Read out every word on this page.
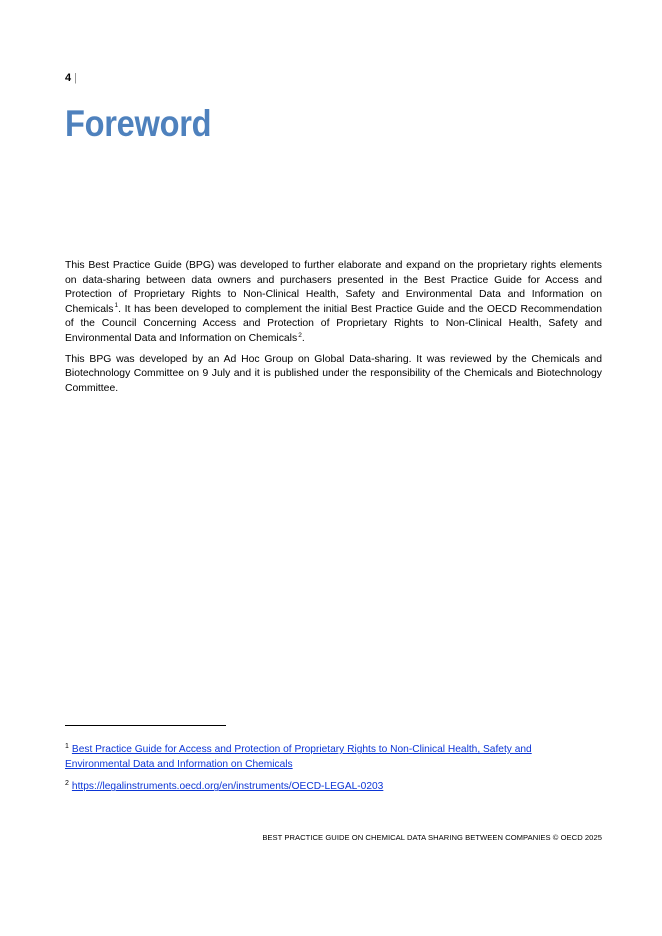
4 |
Foreword

This Best Practice Guide (BPG) was developed to further elaborate and expand on the proprietary rights elements on data-sharing between data owners and purchasers presented in the Best Practice Guide for Access and Protection of Proprietary Rights to Non-Clinical Health, Safety and Environmental Data and Information on Chemicals$^1$. It has been developed to complement the initial Best Practice Guide and the OECD Recommendation of the Council Concerning Access and Protection of Proprietary Rights to Non-Clinical Health, Safety and Environmental Data and Information on Chemicals$^2$.

This BPG was developed by an Ad Hoc Group on Global Data-sharing. It was reviewed by the Chemicals and Biotechnology Committee on 9 July and it is published under the responsibility of the Chemicals and Biotechnology Committee.

$^1$ Best Practice Guide for Access and Protection of Proprietary Rights to Non-Clinical Health, Safety and Environmental Data and Information on Chemicals

$^2$ https://legalinstruments.oecd.org/en/instruments/OECD-LEGAL-0203

BEST PRACTICE GUIDE ON CHEMICAL DATA SHARING BETWEEN COMPANIES © OECD 2025
